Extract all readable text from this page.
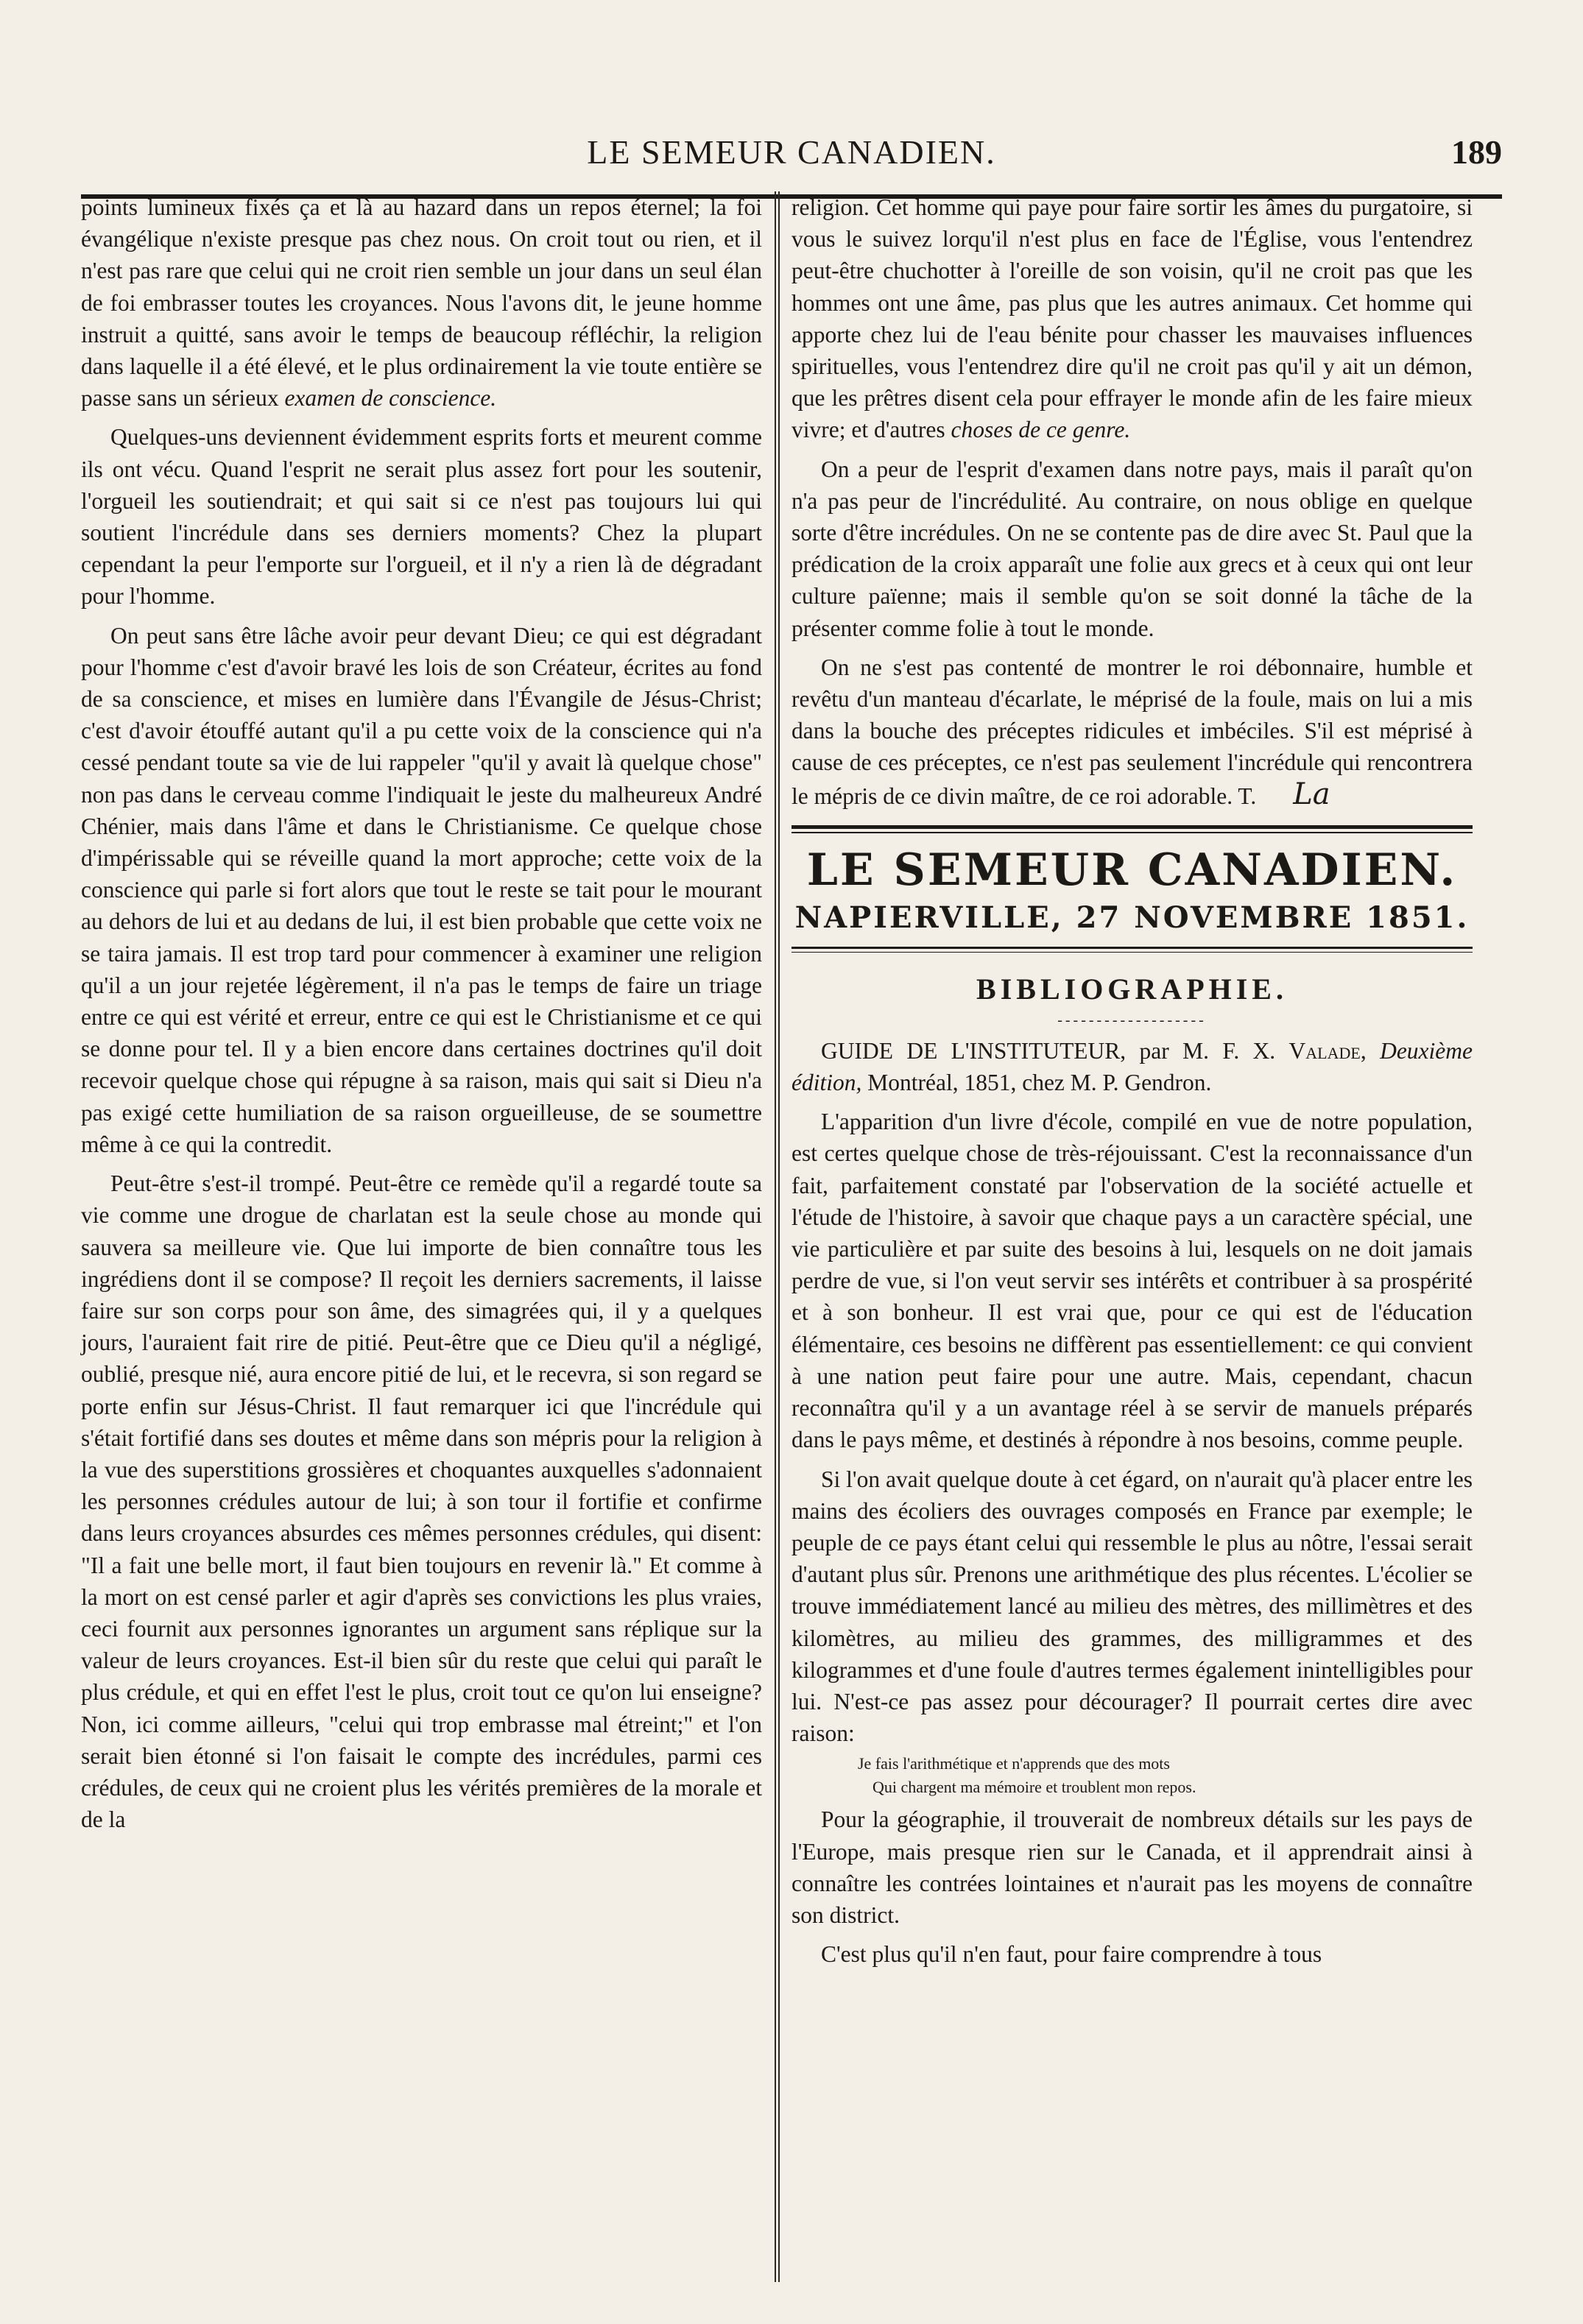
LE SEMEUR CANADIEN.	189

points lumineux fixés ça et là au hazard dans un repos éternel; la foi évangélique n'existe presque pas chez nous. On croit tout ou rien, et il n'est pas rare que celui qui ne croit rien semble un jour dans un seul élan de foi embrasser toutes les croyances. Nous l'avons dit, le jeune homme instruit a quitté, sans avoir le temps de beaucoup réfléchir, la religion dans laquelle il a été élevé, et le plus ordinairement la vie toute entière se passe sans un sérieux examen de conscience.

Quelques-uns deviennent évidemment esprits forts et meurent comme ils ont vécu. Quand l'esprit ne serait plus assez fort pour les soutenir, l'orgueil les soutiendrait; et qui sait si ce n'est pas toujours lui qui soutient l'incrédule dans ses derniers moments? Chez la plupart cependant la peur l'emporte sur l'orgueil, et il n'y a rien là de dégradant pour l'homme.

On peut sans être lâche avoir peur devant Dieu; ce qui est dégradant pour l'homme c'est d'avoir bravé les lois de son Créateur, écrites au fond de sa conscience, et mises en lumière dans l'Évangile de Jésus-Christ; c'est d'avoir étouffé autant qu'il a pu cette voix de la conscience qui n'a cessé pendant toute sa vie de lui rappeler "qu'il y avait là quelque chose" non pas dans le cerveau comme l'indiquait le jeste du malheureux André Chénier, mais dans l'âme et dans le Christianisme. Ce quelque chose d'impérissable qui se réveille quand la mort approche; cette voix de la conscience qui parle si fort alors que tout le reste se tait pour le mourant au dehors de lui et au dedans de lui, il est bien probable que cette voix ne se taira jamais. Il est trop tard pour commencer à examiner une religion qu'il a un jour rejetée légèrement, il n'a pas le temps de faire un triage entre ce qui est vérité et erreur, entre ce qui est le Christianisme et ce qui se donne pour tel. Il y a bien encore dans certaines doctrines qu'il doit recevoir quelque chose qui répugne à sa raison, mais qui sait si Dieu n'a pas exigé cette humiliation de sa raison orgueilleuse, de se soumettre même à ce qui la contredit.

Peut-être s'est-il trompé. Peut-être ce remède qu'il a regardé toute sa vie comme une drogue de charlatan est la seule chose au monde qui sauvera sa meilleure vie. Que lui importe de bien connaître tous les ingrédiens dont il se compose? Il reçoit les derniers sacrements, il laisse faire sur son corps pour son âme, des simagrées qui, il y a quelques jours, l'auraient fait rire de pitié. Peut-être que ce Dieu qu'il a négligé, oublié, presque nié, aura encore pitié de lui, et le recevra, si son regard se porte enfin sur Jésus-Christ. Il faut remarquer ici que l'incrédule qui s'était fortifié dans ses doutes et même dans son mépris pour la religion à la vue des superstitions grossières et choquantes auxquelles s'adonnaient les personnes crédules autour de lui; à son tour il fortifie et confirme dans leurs croyances absurdes ces mêmes personnes crédules, qui disent: "Il a fait une belle mort, il faut bien toujours en revenir là." Et comme à la mort on est censé parler et agir d'après ses convictions les plus vraies, ceci fournit aux personnes ignorantes un argument sans réplique sur la valeur de leurs croyances. Est-il bien sûr du reste que celui qui paraît le plus crédule, et qui en effet l'est le plus, croit tout ce qu'on lui enseigne? Non, ici comme ailleurs, "celui qui trop embrasse mal étreint;" et l'on serait bien étonné si l'on faisait le compte des incrédules, parmi ces crédules, de ceux qui ne croient plus les vérités premières de la morale et de la

religion. Cet homme qui paye pour faire sortir les âmes du purgatoire, si vous le suivez lorqu'il n'est plus en face de l'Église, vous l'entendrez peut-être chuchotter à l'oreille de son voisin, qu'il ne croit pas que les hommes ont une âme, pas plus que les autres animaux. Cet homme qui apporte chez lui de l'eau bénite pour chasser les mauvaises influences spirituelles, vous l'entendrez dire qu'il ne croit pas qu'il y ait un démon, que les prêtres disent cela pour effrayer le monde afin de les faire mieux vivre; et d'autres choses de ce genre.

On a peur de l'esprit d'examen dans notre pays, mais il paraît qu'on n'a pas peur de l'incrédulité. Au contraire, on nous oblige en quelque sorte d'être incrédules. On ne se contente pas de dire avec St. Paul que la prédication de la croix apparaît une folie aux grecs et à ceux qui ont leur culture païenne; mais il semble qu'on se soit donné la tâche de la présenter comme folie à tout le monde.

On ne s'est pas contenté de montrer le roi débonnaire, humble et revêtu d'un manteau d'écarlate, le méprisé de la foule, mais on lui a mis dans la bouche des préceptes ridicules et imbéciles. S'il est méprisé à cause de ces préceptes, ce n'est pas seulement l'incrédule qui rencontrera le mépris de ce divin maître, de ce roi adorable. T. La

LE SEMEUR CANADIEN.
NAPIERVILLE, 27 NOVEMBRE 1851.
BIBLIOGRAPHIE.
-------------------

GUIDE DE L'INSTITUTEUR, par M. F. X. Valade, Deuxième édition, Montréal, 1851, chez M. P. Gendron.

L'apparition d'un livre d'école, compilé en vue de notre population, est certes quelque chose de très-réjouissant. C'est la reconnaissance d'un fait, parfaitement constaté par l'observation de la société actuelle et l'étude de l'histoire, à savoir que chaque pays a un caractère spécial, une vie particulière et par suite des besoins à lui, lesquels on ne doit jamais perdre de vue, si l'on veut servir ses intérêts et contribuer à sa prospérité et à son bonheur. Il est vrai que, pour ce qui est de l'éducation élémentaire, ces besoins ne diffèrent pas essentiellement: ce qui convient à une nation peut faire pour une autre. Mais, cependant, chacun reconnaîtra qu'il y a un avantage réel à se servir de manuels préparés dans le pays même, et destinés à répondre à nos besoins, comme peuple.

Si l'on avait quelque doute à cet égard, on n'aurait qu'à placer entre les mains des écoliers des ouvrages composés en France par exemple; le peuple de ce pays étant celui qui ressemble le plus au nôtre, l'essai serait d'autant plus sûr. Prenons une arithmétique des plus récentes. L'écolier se trouve immédiatement lancé au milieu des mètres, des millimètres et des kilomètres, au milieu des grammes, des milligrammes et des kilogrammes et d'une foule d'autres termes également inintelligibles pour lui. N'est-ce pas assez pour décourager? Il pourrait certes dire avec raison:

Je fais l'arithmétique et n'apprends que des mots
Qui chargent ma mémoire et troublent mon repos.

Pour la géographie, il trouverait de nombreux détails sur les pays de l'Europe, mais presque rien sur le Canada, et il apprendrait ainsi à connaître les contrées lointaines et n'aurait pas les moyens de connaître son district.

C'est plus qu'il n'en faut, pour faire comprendre à tous
